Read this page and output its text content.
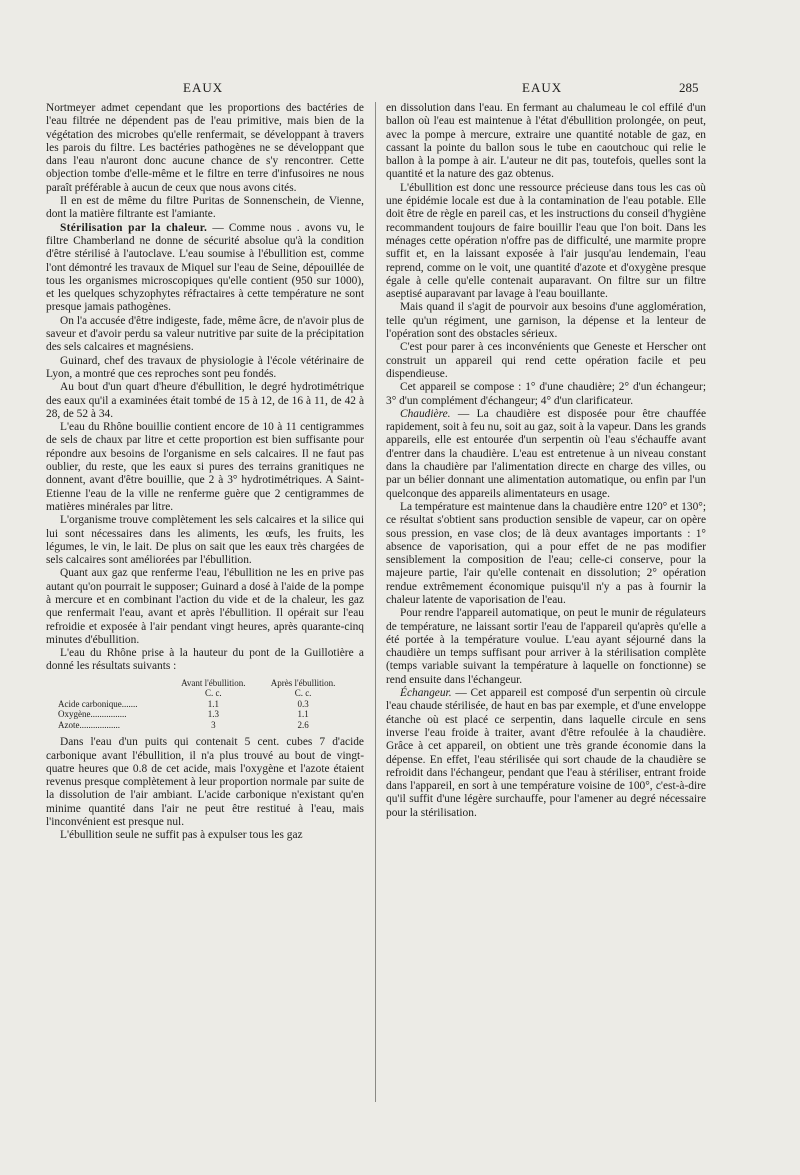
EAUX	EAUX	285

Nortmeyer admet cependant que les proportions des bactéries de l'eau filtrée ne dépendent pas de l'eau primitive, mais bien de la végétation des microbes qu'elle renfermait, se développant à travers les parois du filtre. Les bactéries pathogènes ne se développant que dans l'eau n'auront donc aucune chance de s'y rencontrer. Cette objection tombe d'elle-même et le filtre en terre d'infusoires ne nous paraît préférable à aucun de ceux que nous avons cités.

Il en est de même du filtre Puritas de Sonnenschein, de Vienne, dont la matière filtrante est l'amiante.

Stérilisation par la chaleur. — Comme nous . avons vu, le filtre Chamberland ne donne de sécurité absolue qu'à la condition d'être stérilisé à l'autoclave. L'eau soumise à l'ébullition est, comme l'ont démontré les travaux de Miquel sur l'eau de Seine, dépouillée de tous les organismes microscopiques qu'elle contient (950 sur 1000), et les quelques schyzophytes réfractaires à cette température ne sont presque jamais pathogènes.

On l'a accusée d'être indigeste, fade, même âcre, de n'avoir plus de saveur et d'avoir perdu sa valeur nutritive par suite de la précipitation des sels calcaires et magnésiens.

Guinard, chef des travaux de physiologie à l'école vétérinaire de Lyon, a montré que ces reproches sont peu fondés.

Au bout d'un quart d'heure d'ébullition, le degré hydrotimétrique des eaux qu'il a examinées était tombé de 15 à 12, de 16 à 11, de 42 à 28, de 52 à 34.

L'eau du Rhône bouillie contient encore de 10 à 11 centigrammes de sels de chaux par litre et cette proportion est bien suffisante pour répondre aux besoins de l'organisme en sels calcaires. Il ne faut pas oublier, du reste, que les eaux si pures des terrains granitiques ne donnent, avant d'être bouillie, que 2 à 3° hydrotimétriques. A Saint-Etienne l'eau de la ville ne renferme guère que 2 centigrammes de matières minérales par litre.

L'organisme trouve complètement les sels calcaires et la silice qui lui sont nécessaires dans les aliments, les œufs, les fruits, les légumes, le vin, le lait. De plus on sait que les eaux très chargées de sels calcaires sont améliorées par l'ébullition.

Quant aux gaz que renferme l'eau, l'ébullition ne les en prive pas autant qu'on pourrait le supposer; Guinard a dosé à l'aide de la pompe à mercure et en combinant l'action du vide et de la chaleur, les gaz que renfermait l'eau, avant et après l'ébullition. Il opérait sur l'eau refroidie et exposée à l'air pendant vingt heures, après quarante-cinq minutes d'ébullition.

L'eau du Rhône prise à la hauteur du pont de la Guillotière a donné les résultats suivants :

	Avant l'ébullition.	Après l'ébullition.
	C. c.	C. c.
Acide carbonique.......	1.1	0.3
Oxygène................	1.3	1.1
Azote..................	3	2.6

Dans l'eau d'un puits qui contenait 5 cent. cubes 7 d'acide carbonique avant l'ébullition, il n'a plus trouvé au bout de vingt-quatre heures que 0.8 de cet acide, mais l'oxygène et l'azote étaient revenus presque complètement à leur proportion normale par suite de la dissolution de l'air ambiant. L'acide carbonique n'existant qu'en minime quantité dans l'air ne peut être restitué à l'eau, mais l'inconvénient est presque nul.

L'ébullition seule ne suffit pas à expulser tous les gaz

en dissolution dans l'eau. En fermant au chalumeau le col effilé d'un ballon où l'eau est maintenue à l'état d'ébullition prolongée, on peut, avec la pompe à mercure, extraire une quantité notable de gaz, en cassant la pointe du ballon sous le tube en caoutchouc qui relie le ballon à la pompe à air. L'auteur ne dit pas, toutefois, quelles sont la quantité et la nature des gaz obtenus.

L'ébullition est donc une ressource précieuse dans tous les cas où une épidémie locale est due à la contamination de l'eau potable. Elle doit être de règle en pareil cas, et les instructions du conseil d'hygiène recommandent toujours de faire bouillir l'eau que l'on boit. Dans les ménages cette opération n'offre pas de difficulté, une marmite propre suffit et, en la laissant exposée à l'air jusqu'au lendemain, l'eau reprend, comme on le voit, une quantité d'azote et d'oxygène presque égale à celle qu'elle contenait auparavant. On filtre sur un filtre aseptisé auparavant par lavage à l'eau bouillante.

Mais quand il s'agit de pourvoir aux besoins d'une agglomération, telle qu'un régiment, une garnison, la dépense et la lenteur de l'opération sont des obstacles sérieux.

C'est pour parer à ces inconvénients que Geneste et Herscher ont construit un appareil qui rend cette opération facile et peu dispendieuse.

Cet appareil se compose : 1° d'une chaudière; 2° d'un échangeur; 3° d'un complément d'échangeur; 4° d'un clarificateur.

Chaudière. — La chaudière est disposée pour être chauffée rapidement, soit à feu nu, soit au gaz, soit à la vapeur. Dans les grands appareils, elle est entourée d'un serpentin où l'eau s'échauffe avant d'entrer dans la chaudière. L'eau est entretenue à un niveau constant dans la chaudière par l'alimentation directe en charge des villes, ou par un bélier donnant une alimentation automatique, ou enfin par l'un quelconque des appareils alimentateurs en usage.

La température est maintenue dans la chaudière entre 120° et 130°; ce résultat s'obtient sans production sensible de vapeur, car on opère sous pression, en vase clos; de là deux avantages importants : 1° absence de vaporisation, qui a pour effet de ne pas modifier sensiblement la composition de l'eau; celle-ci conserve, pour la majeure partie, l'air qu'elle contenait en dissolution; 2° opération rendue extrêmement économique puisqu'il n'y a pas à fournir la chaleur latente de vaporisation de l'eau.

Pour rendre l'appareil automatique, on peut le munir de régulateurs de température, ne laissant sortir l'eau de l'appareil qu'après qu'elle a été portée à la température voulue. L'eau ayant séjourné dans la chaudière un temps suffisant pour arriver à la stérilisation complète (temps variable suivant la température à laquelle on fonctionne) se rend ensuite dans l'échangeur.

Échangeur. — Cet appareil est composé d'un serpentin où circule l'eau chaude stérilisée, de haut en bas par exemple, et d'une enveloppe étanche où est placé ce serpentin, dans laquelle circule en sens inverse l'eau froide à traiter, avant d'être refoulée à la chaudière. Grâce à cet appareil, on obtient une très grande économie dans la dépense. En effet, l'eau stérilisée qui sort chaude de la chaudière se refroidit dans l'échangeur, pendant que l'eau à stériliser, entrant froide dans l'appareil, en sort à une température voisine de 100°, c'est-à-dire qu'il suffit d'une légère surchauffe, pour l'amener au degré nécessaire pour la stérilisation.
